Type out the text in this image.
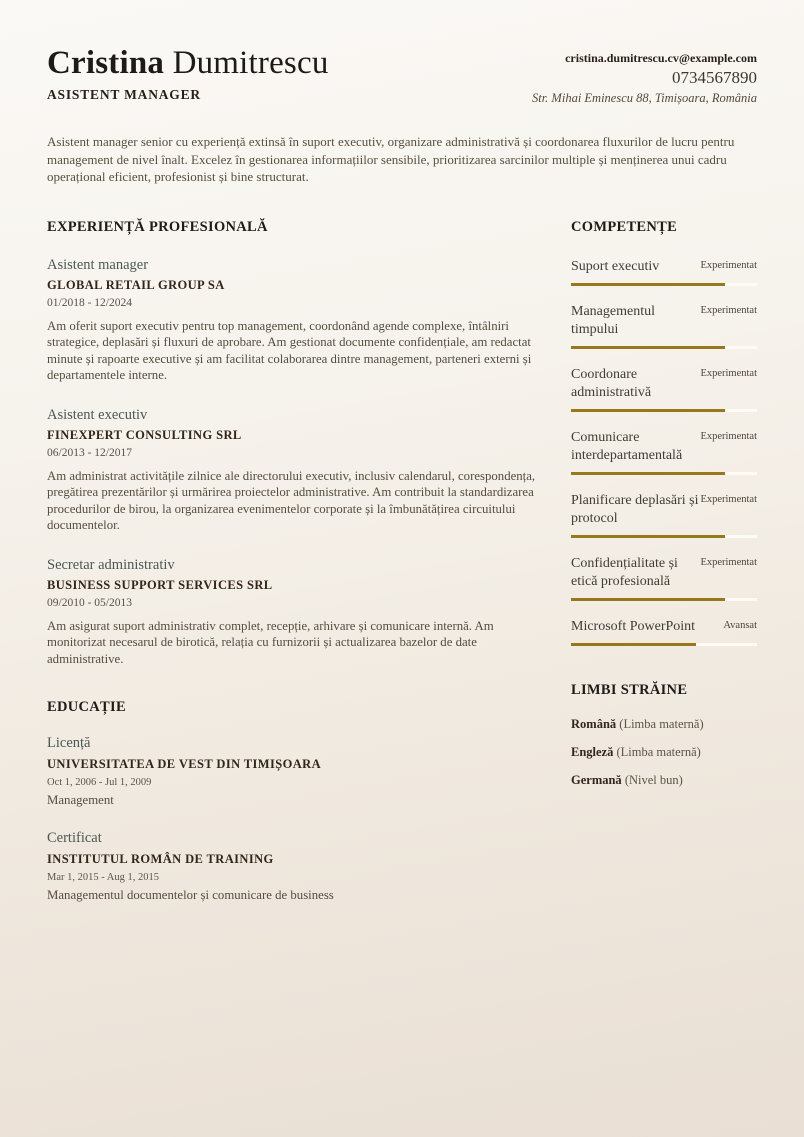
Cristina Dumitrescu
ASISTENT MANAGER
cristina.dumitrescu.cv@example.com
0734567890
Str. Mihai Eminescu 88, Timișoara, România

Asistent manager senior cu experiență extinsă în suport executiv, organizare administrativă și coordonarea fluxurilor de lucru pentru management de nivel înalt. Excelez în gestionarea informațiilor sensibile, prioritizarea sarcinilor multiple și menținerea unui cadru operațional eficient, profesionist și bine structurat.

EXPERIENȚĂ PROFESIONALĂ
Asistent manager
GLOBAL RETAIL GROUP SA
01/2018 - 12/2024
Am oferit suport executiv pentru top management, coordonând agende complexe, întâlniri strategice, deplasări și fluxuri de aprobare. Am gestionat documente confidențiale, am redactat minute și rapoarte executive și am facilitat colaborarea dintre management, parteneri externi și departamentele interne.
Asistent executiv
FINEXPERT CONSULTING SRL
06/2013 - 12/2017
Am administrat activitățile zilnice ale directorului executiv, inclusiv calendarul, corespondența, pregătirea prezentărilor și urmărirea proiectelor administrative. Am contribuit la standardizarea procedurilor de birou, la organizarea evenimentelor corporate și la îmbunătățirea circuitului documentelor.
Secretar administrativ
BUSINESS SUPPORT SERVICES SRL
09/2010 - 05/2013
Am asigurat suport administrativ complet, recepție, arhivare și comunicare internă. Am monitorizat necesarul de birotică, relația cu furnizorii și actualizarea bazelor de date administrative.
EDUCAȚIE
Licență
UNIVERSITATEA DE VEST DIN TIMIȘOARA
Oct 1, 2006 - Jul 1, 2009
Management
Certificat
INSTITUTUL ROMÂN DE TRAINING
Mar 1, 2015 - Aug 1, 2015
Managementul documentelor și comunicare de business
COMPETENȚE
Suport executiv	Experimentat
Managementul timpului
Experimentat
Coordonare administrativă
Experimentat
Comunicare interdepartamentală
Experimentat
Planificare deplasări și protocol
Experimentat
Confidențialitate și etică profesională
Experimentat
Microsoft PowerPoint	Avansat
LIMBI STRĂINE
Română (Limba maternă)
Engleză (Limba maternă)
Germană (Nivel bun)
